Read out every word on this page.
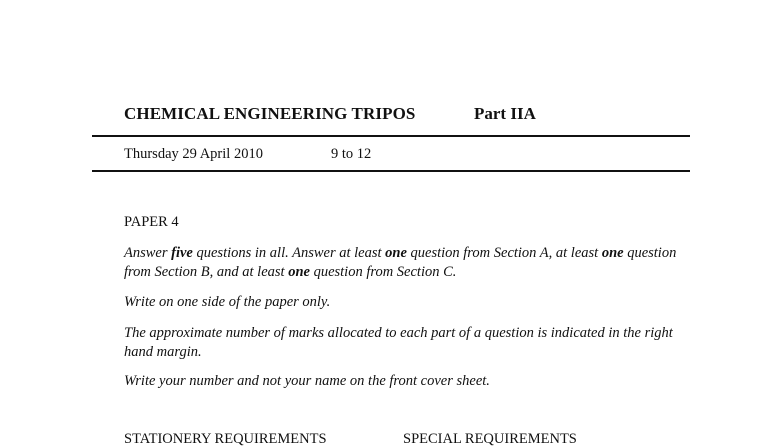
CHEMICAL ENGINEERING TRIPOS	Part IIA
Thursday 29 April 2010	9 to 12
PAPER 4
Answer five questions in all. Answer at least one question from Section A, at least one question from Section B, and at least one question from Section C.
Write on one side of the paper only.
The approximate number of marks allocated to each part of a question is indicated in the right hand margin.
Write your number and not your name on the front cover sheet.
STATIONERY REQUIREMENTS	SPECIAL REQUIREMENTS
